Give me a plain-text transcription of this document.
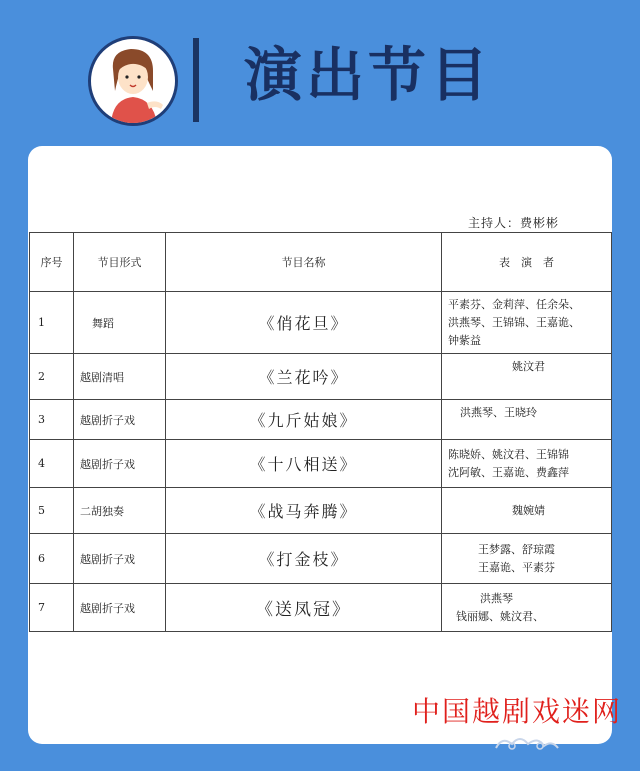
演出节目
主持人：费彬彬
序号	节目形式	节目名称	表　演　者
1	舞蹈	《俏花旦》	平素芬、金莉萍、任余朵、
洪燕琴、王锦锦、王嘉诡、
钟紫益

2	越剧清唱	《兰花吟》	姚汶君

3	越剧折子戏	《九斤姑娘》	洪燕琴、王晓玲

4	越剧折子戏	《十八相送》	陈晓娇、姚汶君、王锦锦
沈阿敏、王嘉诡、费鑫萍

5	二胡独奏	《战马奔腾》	魏婉婧

6	越剧折子戏	《打金枝》	王梦露、舒琼霞
王嘉诡、平素芬

7	越剧折子戏	《送凤冠》	洪燕琴
钱丽娜、姚汶君、
中国越剧戏迷网
